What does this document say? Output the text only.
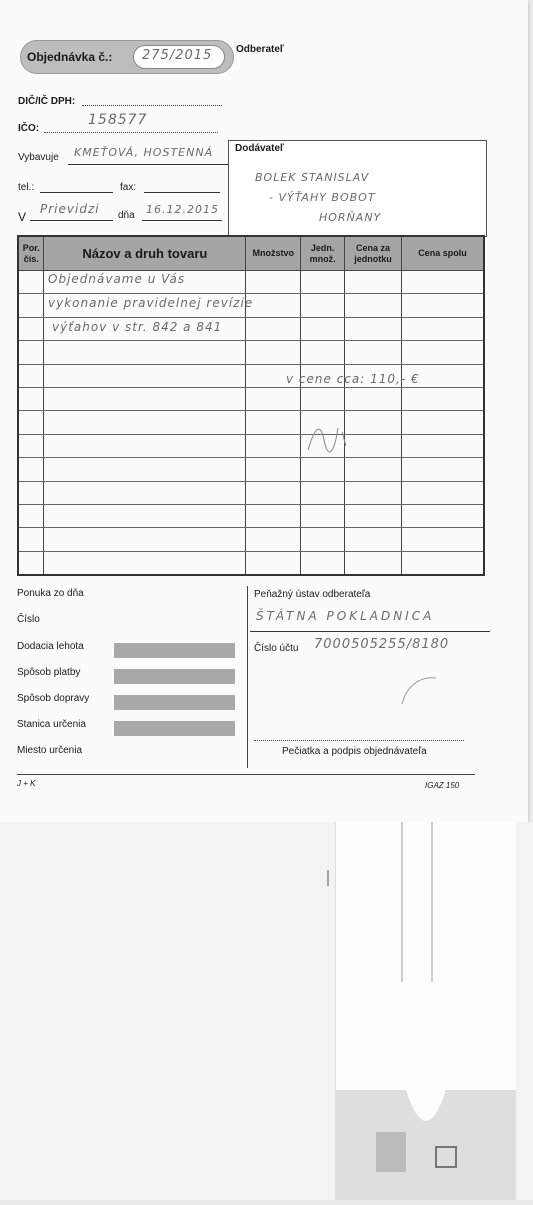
Objednávka č.: 275/2015 Odberateľ
DIČ/IČ DPH:
IČO:
158577
Vybavuje KMEŤOVÁ, HOSTENNÁ
tel.:	fax:
V
Prievidzi dňa 16.12.2015
Dodávateľ
BOLEK STANISLAV
- VÝŤAHY BOBOT
HORŇANY
Por. čís.	Názov a druh tovaru	Množstvo	Jedn. množ.	Cena za jednotku	Cena spolu

Objednávame u Vás
vykonanie pravidelnej revízie
výťahov v str. 842 a 841
v cene cca: 110,- €
Ponuka zo dňa
Číslo
Dodacia lehota
Spôsob platby
Spôsob dopravy
Stanica určenia
Miesto určenia
Peňažný ústav odberateľa
ŠTÁTNA POKLADNICA
Číslo účtu 7000505255/8180
Pečiatka a podpis objednávateľa
J + K	IGAZ 150
